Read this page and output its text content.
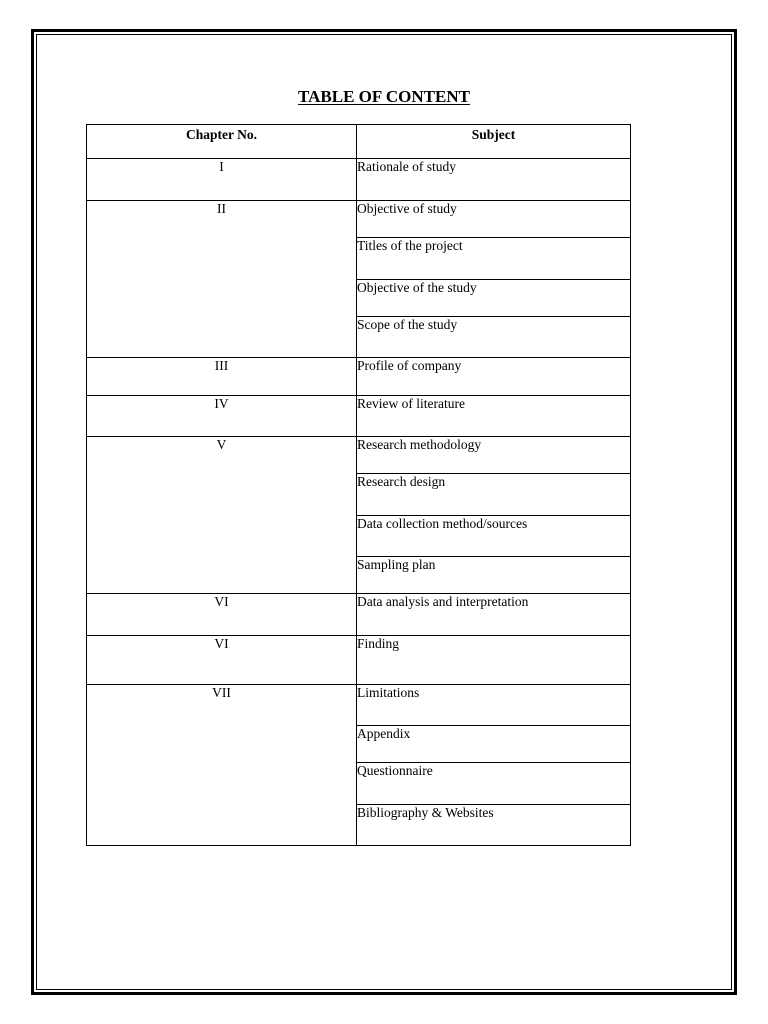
TABLE OF CONTENT
Chapter No.	Subject
I	Rationale of study
II	Objective of study
	Titles of the project
	Objective of the study
	Scope of the study
III	Profile of company
IV	Review of literature
V	Research methodology
	Research design
	Data collection method/sources
	Sampling plan
VI	Data analysis and interpretation
VI	Finding
VII	Limitations
	Appendix
	Questionnaire
	Bibliography & Websites
